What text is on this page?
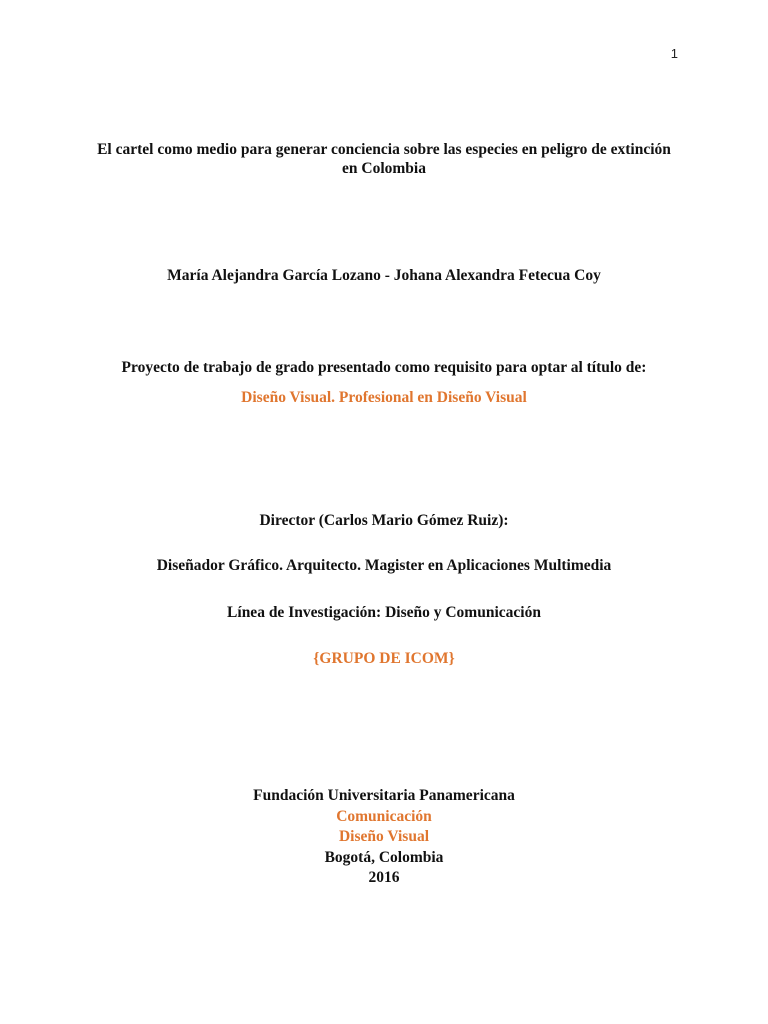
1
El cartel como medio para generar conciencia sobre las especies en peligro de extinción en Colombia
María Alejandra García Lozano - Johana Alexandra Fetecua Coy
Proyecto de trabajo de grado presentado como requisito para optar al título de:
Diseño Visual. Profesional en Diseño Visual
Director (Carlos Mario Gómez Ruiz):
Diseñador Gráfico. Arquitecto. Magister en Aplicaciones Multimedia
Línea de Investigación: Diseño y Comunicación
{GRUPO DE ICOM}
Fundación Universitaria Panamericana
Comunicación
Diseño Visual
Bogotá, Colombia
2016
